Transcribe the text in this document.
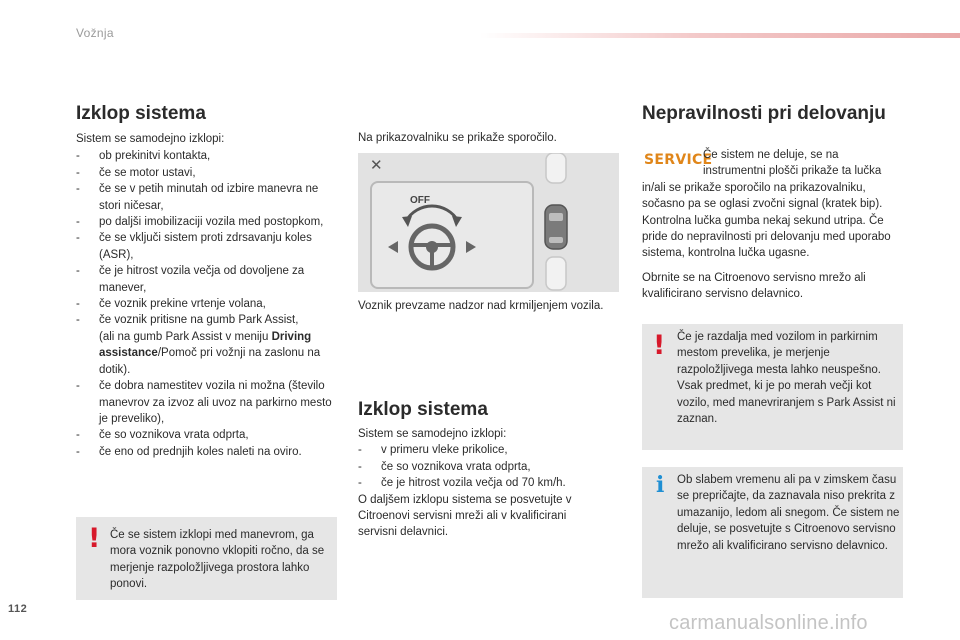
Vožnja
Izklop sistema

Sistem se samodejno izklopi:

- ob prekinitvi kontakta,
- če se motor ustavi,
- če se v petih minutah od izbire manevra ne stori ničesar,
- po daljši imobilizaciji vozila med postopkom,
- če se vključi sistem proti zdrsavanju koles (ASR),
- če je hitrost vozila večja od dovoljene za manever,
- če voznik prekine vrtenje volana,
- če voznik pritisne na gumb Park Assist,
(ali na gumb Park Assist v meniju Driving assistance/Pomoč pri vožnji na zaslonu na dotik).
- če dobra namestitev vozila ni možna (število manevrov za izvoz ali uvoz na parkirno mesto je preveliko),
- če so voznikova vrata odprta,
- če eno od prednjih koles naleti na oviro.
! Če se sistem izklopi med manevrom, ga mora voznik ponovno vklopiti ročno, da se merjenje razpoložljivega prostora lahko ponovi.
Na prikazovalniku se prikaže sporočilo.
✕
OFF
Voznik prevzame nadzor nad krmiljenjem vozila.
Izklop sistema

Sistem se samodejno izklopi:

- v primeru vleke prikolice,
- če so voznikova vrata odprta,
- če je hitrost vozila večja od 70 km/h.

O daljšem izklopu sistema se posvetujte v Citroenovi servisni mreži ali v kvalificirani servisni delavnici.

Nepravilnosti pri delovanju
SERVICE

Če sistem ne deluje, se na instrumentni plošči prikaže ta lučka

in/ali se prikaže sporočilo na prikazovalniku, sočasno pa se oglasi zvočni signal (kratek bip). Kontrolna lučka gumba nekaj sekund utripa. Če pride do nepravilnosti pri delovanju med uporabo sistema, kontrolna lučka ugasne.

Obrnite se na Citroenovo servisno mrežo ali kvalificirano servisno delavnico.

! Če je razdalja med vozilom in parkirnim mestom prevelika, je merjenje razpoložljivega mesta lahko neuspešno. Vsak predmet, ki je po merah večji kot vozilo, med manevriranjem s Park Assist ni zaznan.
i Ob slabem vremenu ali pa v zimskem času se prepričajte, da zaznavala niso prekrita z umazanijo, ledom ali snegom. Če sistem ne deluje, se posvetujte s Citroenovo servisno mrežo ali kvalificirano servisno delavnico.
112
carmanualsonline.info
